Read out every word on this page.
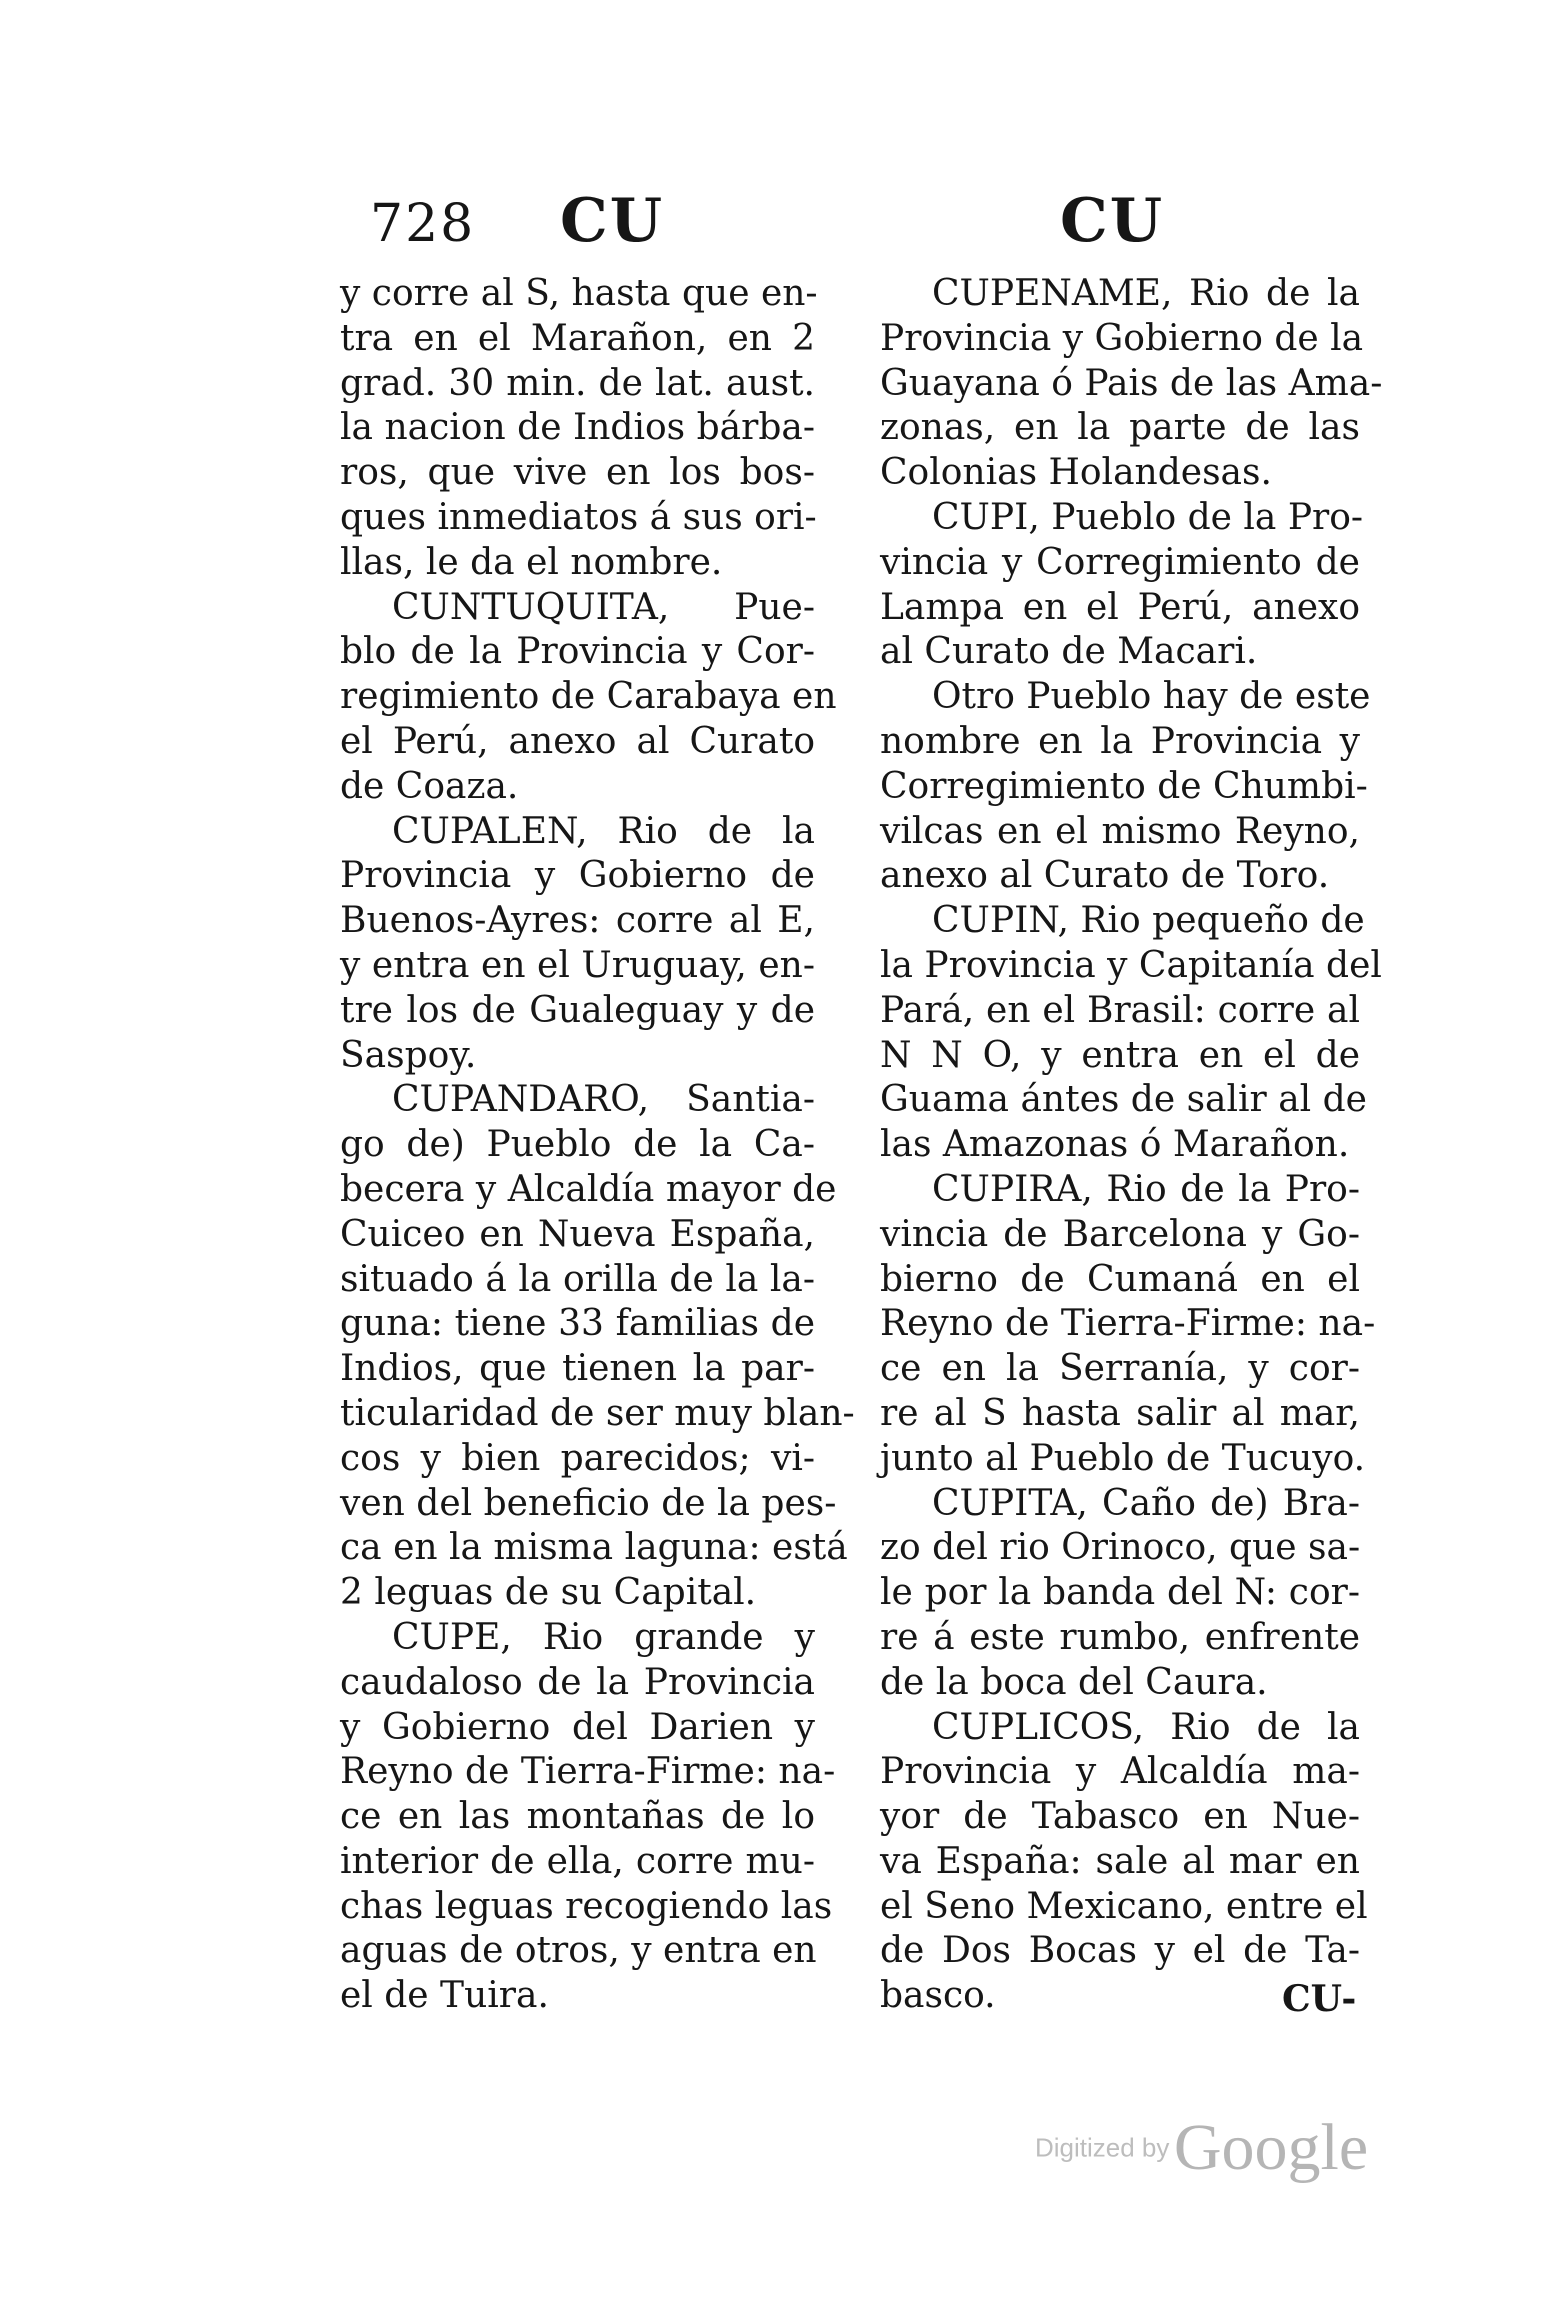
728 CU	CU
y corre al S, hasta que en-
tra en el Marañon, en 2
grad. 30 min. de lat. aust.
la nacion de Indios bárba-
ros, que vive en los bos-
ques inmediatos á sus ori-
llas, le da el nombre.
CUNTUQUITA, Pue-
blo de la Provincia y Cor-
regimiento de Carabaya en
el Perú, anexo al Curato
de Coaza.
CUPALEN, Rio de la
Provincia y Gobierno de
Buenos-Ayres: corre al E,
y entra en el Uruguay, en-
tre los de Gualeguay y de
Saspoy.
CUPANDARO, Santia-
go de) Pueblo de la Ca-
becera y Alcaldía mayor de
Cuiceo en Nueva España,
situado á la orilla de la la-
guna: tiene 33 familias de
Indios, que tienen la par-
ticularidad de ser muy blan-
cos y bien parecidos; vi-
ven del beneficio de la pes-
ca en la misma laguna: está
2 leguas de su Capital.
CUPE, Rio grande y
caudaloso de la Provincia
y Gobierno del Darien y
Reyno de Tierra-Firme: na-
ce en las montañas de lo
interior de ella, corre mu-
chas leguas recogiendo las
aguas de otros, y entra en
el de Tuira.
CUPENAME, Rio de la
Provincia y Gobierno de la
Guayana ó Pais de las Ama-
zonas, en la parte de las
Colonias Holandesas.
CUPI, Pueblo de la Pro-
vincia y Corregimiento de
Lampa en el Perú, anexo
al Curato de Macari.
Otro Pueblo hay de este
nombre en la Provincia y
Corregimiento de Chumbi-
vilcas en el mismo Reyno,
anexo al Curato de Toro.
CUPIN, Rio pequeño de
la Provincia y Capitanía del
Pará, en el Brasil: corre al
N N O, y entra en el de
Guama ántes de salir al de
las Amazonas ó Marañon.
CUPIRA, Rio de la Pro-
vincia de Barcelona y Go-
bierno de Cumaná en el
Reyno de Tierra-Firme: na-
ce en la Serranía, y cor-
re al S hasta salir al mar,
junto al Pueblo de Tucuyo.
CUPITA, Caño de) Bra-
zo del rio Orinoco, que sa-
le por la banda del N: cor-
re á este rumbo, enfrente
de la boca del Caura.
CUPLICOS, Rio de la
Provincia y Alcaldía ma-
yor de Tabasco en Nue-
va España: sale al mar en
el Seno Mexicano, entre el
de Dos Bocas y el de Ta-
basco.	CU-
Digitized by Google
